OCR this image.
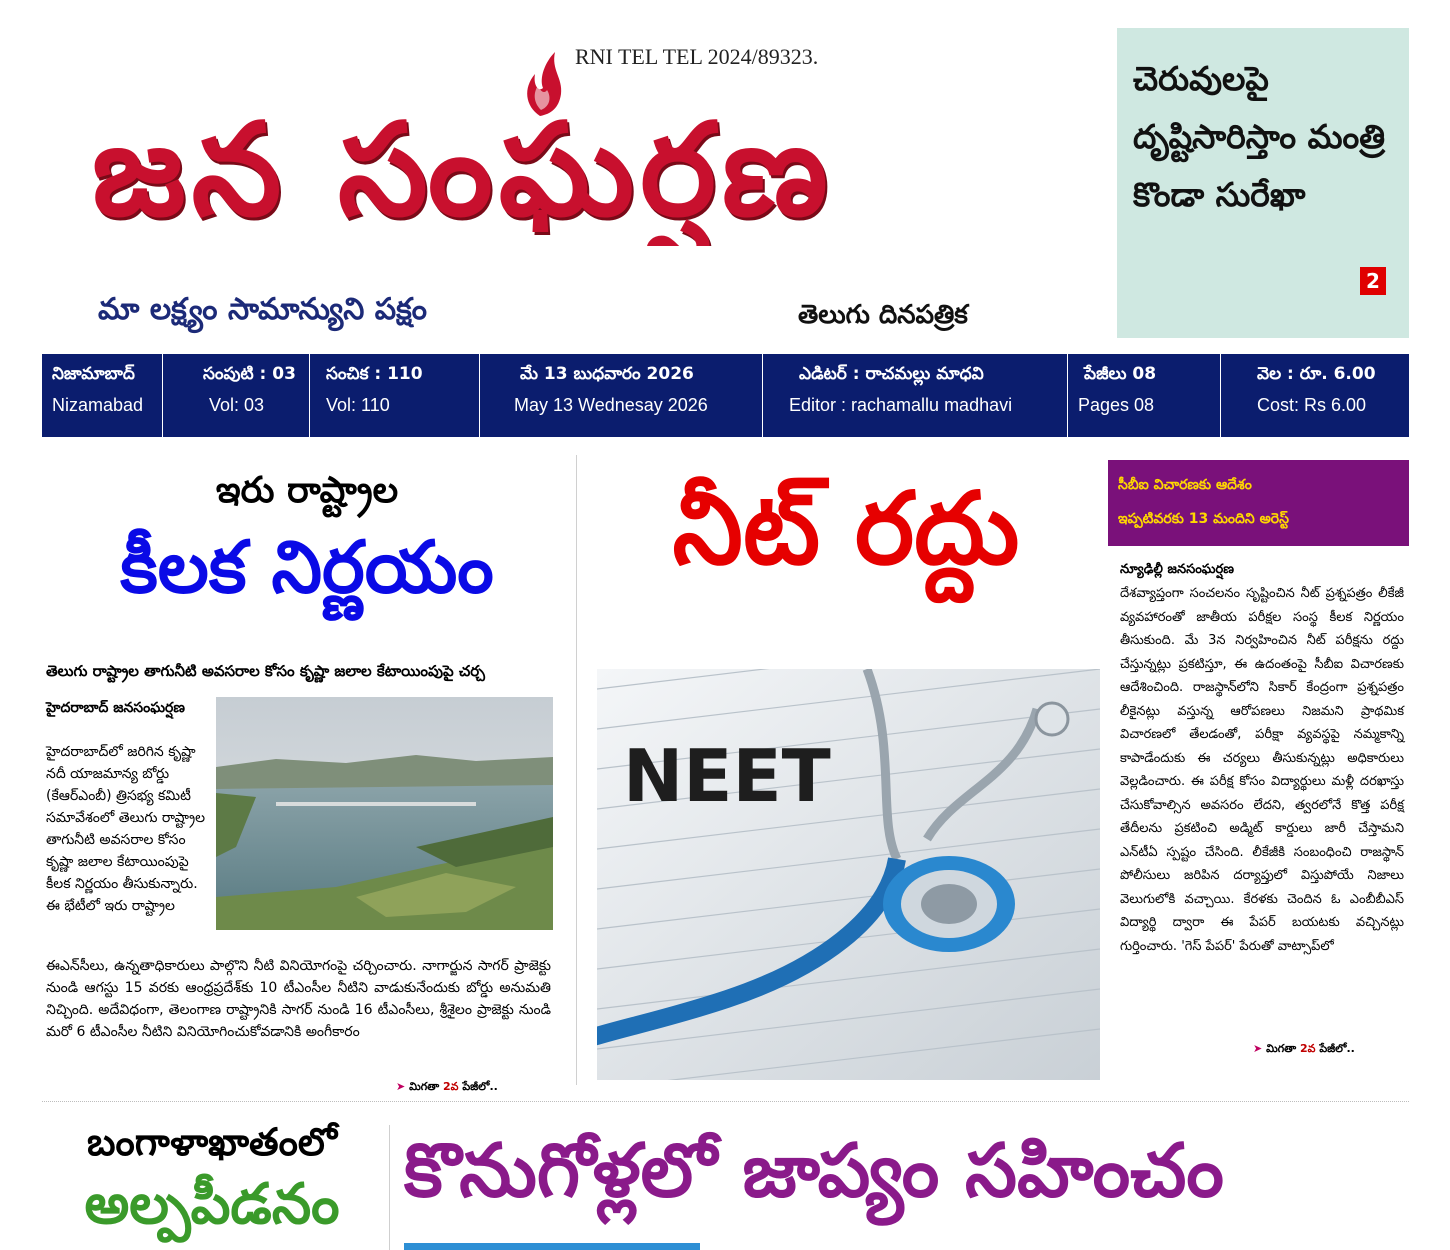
RNI TEL TEL 2024/89323.
జన సంఘర్షణ
మా లక్ష్యం సామాన్యుని పక్షం	తెలుగు దినపత్రిక
చెరువులపై దృష్టిసారిస్తాం మంత్రి కొండా సురేఖా
2
నిజామాబాద్
Nizamabad
సంపుటి : 03
Vol: 03
సంచిక : 110
Vol: 110
మే 13 బుధవారం 2026
May 13 Wednesay 2026
ఎడిటర్ : రాచమల్లు మాధవి
Editor : rachamallu madhavi
పేజీలు 08
Pages 08
వెల : రూ. 6.00
Cost: Rs 6.00
ఇరు రాష్ట్రాల
కీలక నిర్ణయం
తెలుగు రాష్ట్రాల తాగునీటి అవసరాల కోసం కృష్ణా జలాల కేటాయింపుపై చర్చ
హైదరాబాద్ జనసంఘర్షణ
హైదరాబాద్‌లో జరిగిన కృష్ణా నదీ యాజమాన్య బోర్డు (కేఆర్ఎంబీ) త్రిసభ్య కమిటీ సమావేశంలో తెలుగు రాష్ట్రాల తాగునీటి అవసరాల కోసం కృష్ణా జలాల కేటాయింపుపై కీలక నిర్ణయం తీసుకున్నారు. ఈ భేటీలో ఇరు రాష్ట్రాల
ఈఎన్‌సీలు, ఉన్నతాధికారులు పాల్గొని నీటి వినియోగంపై చర్చించారు. నాగార్జున సాగర్ ప్రాజెక్టు నుండి ఆగస్టు 15 వరకు ఆంధ్రప్రదేశ్‌కు 10 టీఎంసీల నీటిని వాడుకునేందుకు బోర్డు అనుమతి నిచ్చింది. అదేవిధంగా, తెలంగాణ రాష్ట్రానికి సాగర్ నుండి 16 టీఎంసీలు, శ్రీశైలం ప్రాజెక్టు నుండి మరో 6 టీఎంసీల నీటిని వినియోగించుకోవడానికి అంగీకారం
➤ మిగతా 2వ పేజీలో..
నీట్ రద్దు
NEET
సీబీఐ విచారణకు ఆదేశం
ఇప్పటివరకు 13 మందిని అరెస్ట్
న్యూఢిల్లీ జనసంఘర్షణ
దేశవ్యాప్తంగా సంచలనం సృష్టించిన నీట్ ప్రశ్నపత్రం లీకేజీ వ్యవహారంతో జాతీయ పరీక్షల సంస్థ కీలక నిర్ణయం తీసుకుంది. మే 3న నిర్వహించిన నీట్ పరీక్షను రద్దు చేస్తున్నట్లు ప్రకటిస్తూ, ఈ ఉదంతంపై సీబీఐ విచారణకు ఆదేశించింది. రాజస్థాన్‌లోని సికార్ కేంద్రంగా ప్రశ్నపత్రం లీకైనట్లు వస్తున్న ఆరోపణలు నిజమని ప్రాథమిక విచారణలో తేలడంతో, పరీక్షా వ్యవస్థపై నమ్మకాన్ని కాపాడేందుకు ఈ చర్యలు తీసుకున్నట్లు అధికారులు వెల్లడించారు. ఈ పరీక్ష కోసం విద్యార్థులు మళ్లీ దరఖాస్తు చేసుకోవాల్సిన అవసరం లేదని, త్వరలోనే కొత్త పరీక్ష తేదీలను ప్రకటించి అడ్మిట్ కార్డులు జారీ చేస్తామని ఎన్‌టీఏ స్పష్టం చేసింది. లీకేజీకి సంబంధించి రాజస్థాన్ పోలీసులు జరిపిన దర్యాప్తులో విస్తుపోయే నిజాలు వెలుగులోకి వచ్చాయి. కేరళకు చెందిన ఓ ఎంబీబీఎస్ విద్యార్థి ద్వారా ఈ పేపర్ బయటకు వచ్చినట్లు గుర్తించారు. 'గెస్ పేపర్' పేరుతో వాట్సాప్‌లో
➤ మిగతా 2వ పేజీలో..
బంగాళాఖాతంలో
అల్పపీడనం కొనుగోళ్లలో జాప్యం సహించం
